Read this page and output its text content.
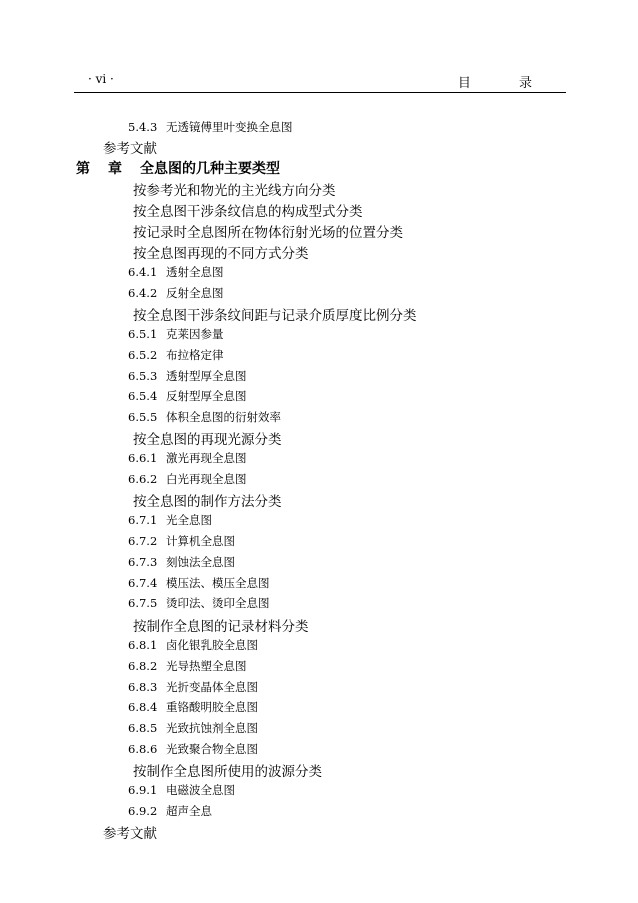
· vi ·	目 录
5.4.3 无透镜傅里叶变换全息图
参考文献
第 章 全息图的几种主要类型
按参考光和物光的主光线方向分类
按全息图干涉条纹信息的构成型式分类
按记录时全息图所在物体衍射光场的位置分类
按全息图再现的不同方式分类
6.4.1 透射全息图
6.4.2 反射全息图
按全息图干涉条纹间距与记录介质厚度比例分类
6.5.1 克莱因参量
6.5.2 布拉格定律
6.5.3 透射型厚全息图
6.5.4 反射型厚全息图
6.5.5 体积全息图的衍射效率
按全息图的再现光源分类
6.6.1 激光再现全息图
6.6.2 白光再现全息图
按全息图的制作方法分类
6.7.1 光全息图
6.7.2 计算机全息图
6.7.3 刻蚀法全息图
6.7.4 模压法、模压全息图
6.7.5 烫印法、烫印全息图
按制作全息图的记录材料分类
6.8.1 卤化银乳胶全息图
6.8.2 光导热塑全息图
6.8.3 光折变晶体全息图
6.8.4 重铬酸明胶全息图
6.8.5 光致抗蚀剂全息图
6.8.6 光致聚合物全息图
按制作全息图所使用的波源分类
6.9.1 电磁波全息图
6.9.2 超声全息
参考文献
